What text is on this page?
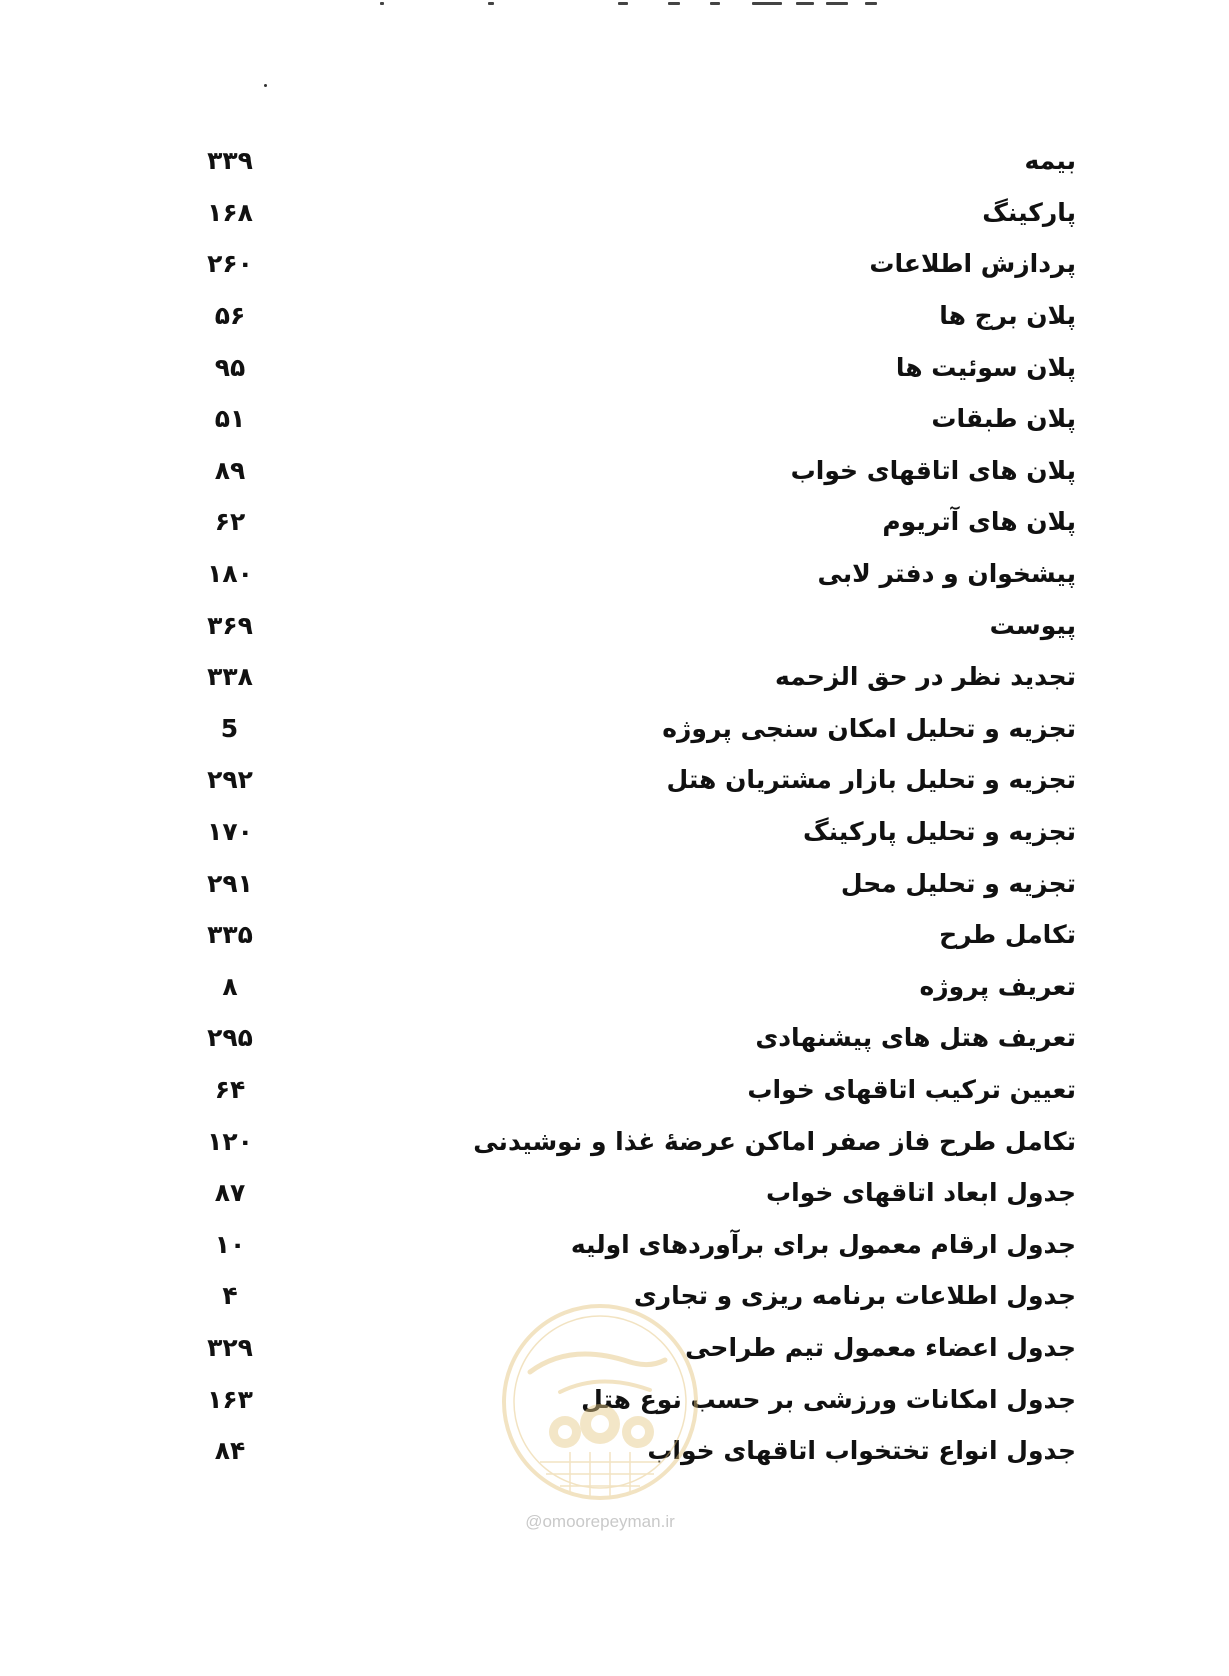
۳۳۹	بیمه
۱۶۸	پارکینگ
۲۶۰	پردازش اطلاعات
۵۶	پلان برج ها
۹۵	پلان سوئیت ها
۵۱	پلان طبقات
۸۹	پلان های اتاقهای خواب
۶۲	پلان های آتریوم
۱۸۰	پیشخوان و دفتر لابی
۳۶۹	پیوست
۳۳۸	تجدید نظر در حق الزحمه
5	تجزیه و تحلیل امکان سنجی پروژه
۲۹۲	تجزیه و تحلیل بازار مشتریان هتل
۱۷۰	تجزیه و تحلیل پارکینگ
۲۹۱	تجزیه و تحلیل محل
۳۳۵	تکامل طرح
۸	تعریف پروژه
۲۹۵	تعریف هتل های پیشنهادی
۶۴	تعیین ترکیب اتاقهای خواب
۱۲۰	تکامل طرح فاز صفر اماکن عرضهٔ غذا و نوشیدنی
۸۷	جدول ابعاد اتاقهای خواب
۱۰	جدول ارقام معمول برای برآوردهای اولیه
۴	جدول اطلاعات برنامه ریزی و تجاری
۳۲۹	جدول اعضاء معمول تیم طراحی
۱۶۳	جدول امکانات ورزشی بر حسب نوع هتل
۸۴	جدول انواع تختخواب اتاقهای خواب
@omoorepeyman.ir
